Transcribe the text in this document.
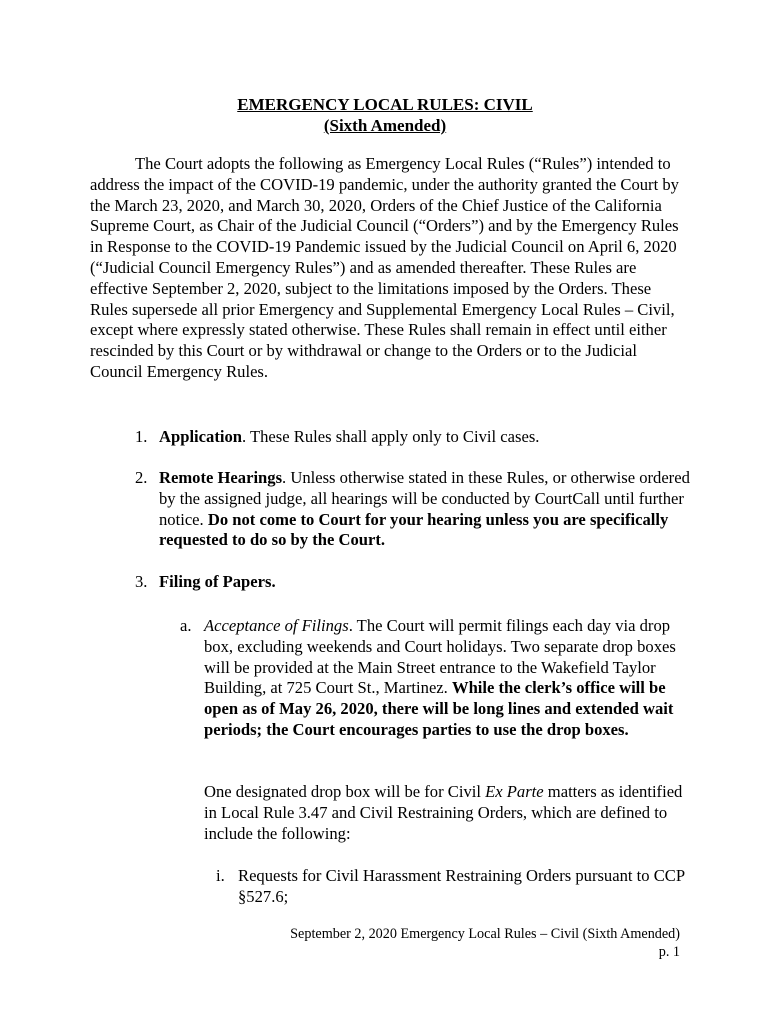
EMERGENCY LOCAL RULES: CIVIL
(Sixth Amended)
The Court adopts the following as Emergency Local Rules (“Rules”) intended to address the impact of the COVID-19 pandemic, under the authority granted the Court by the March 23, 2020, and March 30, 2020, Orders of the Chief Justice of the California Supreme Court, as Chair of the Judicial Council (“Orders”) and by the Emergency Rules in Response to the COVID-19 Pandemic issued by the Judicial Council on April 6, 2020 (“Judicial Council Emergency Rules”) and as amended thereafter. These Rules are effective September 2, 2020, subject to the limitations imposed by the Orders. These Rules supersede all prior Emergency and Supplemental Emergency Local Rules – Civil, except where expressly stated otherwise. These Rules shall remain in effect until either rescinded by this Court or by withdrawal or change to the Orders or to the Judicial Council Emergency Rules.
1. Application. These Rules shall apply only to Civil cases.
2. Remote Hearings. Unless otherwise stated in these Rules, or otherwise ordered by the assigned judge, all hearings will be conducted by CourtCall until further notice. Do not come to Court for your hearing unless you are specifically requested to do so by the Court.
3. Filing of Papers.
a. Acceptance of Filings. The Court will permit filings each day via drop box, excluding weekends and Court holidays. Two separate drop boxes will be provided at the Main Street entrance to the Wakefield Taylor Building, at 725 Court St., Martinez. While the clerk’s office will be open as of May 26, 2020, there will be long lines and extended wait periods; the Court encourages parties to use the drop boxes.
One designated drop box will be for Civil Ex Parte matters as identified in Local Rule 3.47 and Civil Restraining Orders, which are defined to include the following:
i. Requests for Civil Harassment Restraining Orders pursuant to CCP §527.6;
September 2, 2020 Emergency Local Rules – Civil (Sixth Amended)
p. 1
